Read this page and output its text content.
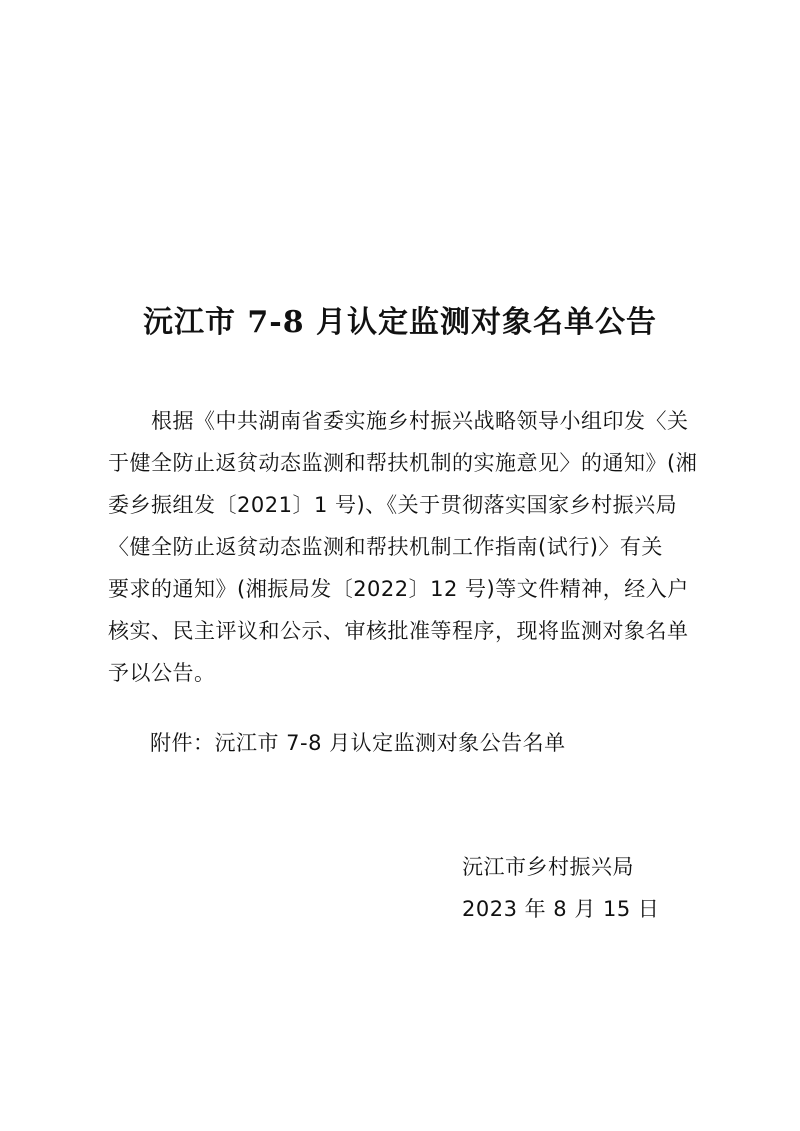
沅江市 7-8 月认定监测对象名单公告
　　根据《中共湖南省委实施乡村振兴战略领导小组印发〈关
于健全防止返贫动态监测和帮扶机制的实施意见〉的通知》(湘
委乡振组发〔2021〕1 号)、《关于贯彻落实国家乡村振兴局
〈健全防止返贫动态监测和帮扶机制工作指南(试行)〉有关
要求的通知》(湘振局发〔2022〕12 号)等文件精神，经入户
核实、民主评议和公示、审核批准等程序，现将监测对象名单
予以公告。
附件：沅江市 7-8 月认定监测对象公告名单
沅江市乡村振兴局
2023 年 8 月 15 日
